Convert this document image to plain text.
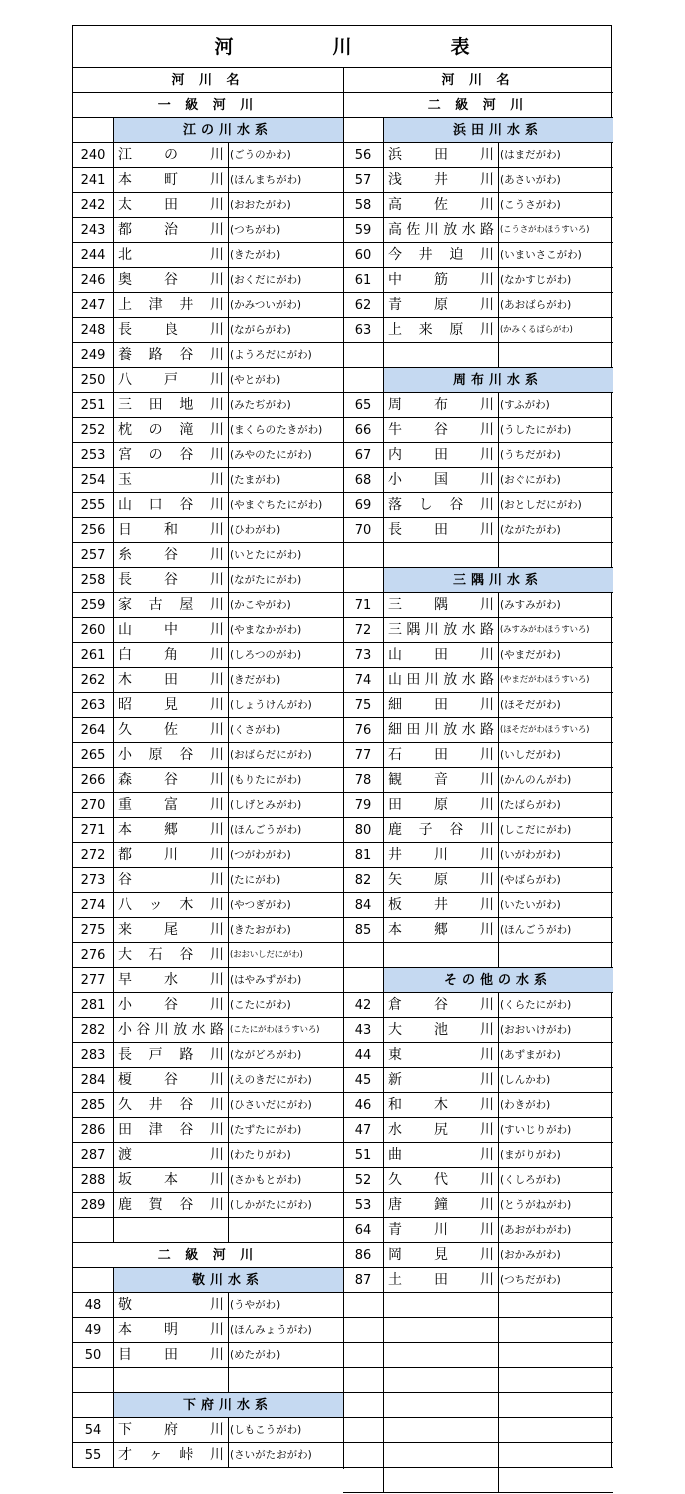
河　川　表
河 川 名
一 級 河 川
江の川水系
240 江の川 (ごうのかわ)
241 本町川 (ほんまちがわ)
242 太田川 (おおたがわ)
243 都治川 (つちがわ)
244 北　川 (きたがわ)
246 奥谷川 (おくだにがわ)
247 上津井川 (かみついがわ)
248 長良川 (ながらがわ)
249 養路谷川 (ようろだにがわ)
250 八戸川 (やとがわ)
251 三田地川 (みたぢがわ)
252 枕の滝川 (まくらのたきがわ)
253 宮の谷川 (みやのたにがわ)
254 玉　川 (たまがわ)
255 山口谷川 (やまぐちたにがわ)
256 日和川 (ひわがわ)
257 糸谷川 (いとたにがわ)
258 長谷川 (ながたにがわ)
259 家古屋川 (かこやがわ)
260 山中川 (やまなかがわ)
261 白角川 (しろつのがわ)
262 木田川 (きだがわ)
263 昭見川 (しょうけんがわ)
264 久佐川 (くさがわ)
265 小原谷川 (おばらだにがわ)
266 森谷川 (もりたにがわ)
270 重富川 (しげとみがわ)
271 本郷川 (ほんごうがわ)
272 都川川 (つがわがわ)
273 谷　川 (たにがわ)
274 八ッ木川 (やつぎがわ)
275 来尾川 (きたおがわ)
276 大石谷川 (おおいしだにがわ)
277 早水川 (はやみずがわ)
281 小谷川 (こたにがわ)
282 小谷川放水路 (こたにがわほうすいろ)
283 長戸路川 (ながどろがわ)
284 榎谷川 (えのきだにがわ)
285 久井谷川 (ひさいだにがわ)
286 田津谷川 (たずたにがわ)
287 渡　川 (わたりがわ)
288 坂本川 (さかもとがわ)
289 鹿賀谷川 (しかがたにがわ)
二 級 河 川
敬川水系
48	敬　川 (うやがわ)
49	本明川 (ほんみょうがわ)
50	目田川 (めたがわ)
下府川水系
54	下府川 (しもこうがわ)
55	才ヶ峠川 (さいがたおがわ)
河 川 名
二 級 河 川
浜田川水系
56	浜田川 (はまだがわ)
57	浅井川 (あさいがわ)
58	高佐川 (こうさがわ)
59	高佐川放水路 (こうさがわほうすいろ)
60	今井迫川 (いまいさこがわ)
61	中筋川 (なかすじがわ)
62	青原川 (あおばらがわ)
63	上来原川 (かみくるばらがわ)
周布川水系
65	周布川 (すふがわ)
66	牛谷川 (うしたにがわ)
67	内田川 (うちだがわ)
68	小国川 (おぐにがわ)
69	落し谷川 (おとしだにがわ)
70	長田川 (ながたがわ)
三隅川水系
71	三隅川 (みすみがわ)
72	三隅川放水路 (みすみがわほうすいろ)
73	山田川 (やまだがわ)
74	山田川放水路 (やまだがわほうすいろ)
75	細田川 (ほそだがわ)
76	細田川放水路 (ほそだがわほうすいろ)
77	石田川 (いしだがわ)
78	観音川 (かんのんがわ)
79	田原川 (たばらがわ)
80	鹿子谷川 (しこだにがわ)
81	井川川 (いがわがわ)
82	矢原川 (やばらがわ)
84	板井川 (いたいがわ)
85	本郷川 (ほんごうがわ)
その他の水系
42	倉谷川 (くらたにがわ)
43	大池川 (おおいけがわ)
44	東　川 (あずまがわ)
45	新　川 (しんかわ)
46	和木川 (わきがわ)
47	水尻川 (すいじりがわ)
51	曲　川 (まがりがわ)
52	久代川 (くしろがわ)
53	唐鐘川 (とうがねがわ)
64	青川川 (あおがわがわ)
86	岡見川 (おかみがわ)
87	土田川 (つちだがわ)
